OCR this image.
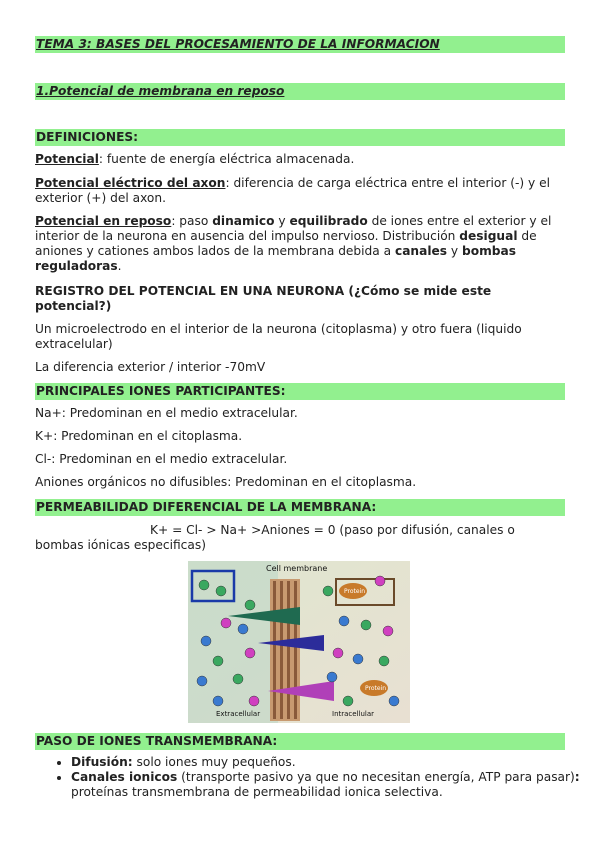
TEMA 3: BASES DEL PROCESAMIENTO DE LA INFORMACION
1.Potencial de membrana en reposo
DEFINICIONES:

Potencial: fuente de energía eléctrica almacenada.

Potencial eléctrico del axon: diferencia de carga eléctrica entre el interior (-) y el exterior (+) del axon.

Potencial en reposo: paso dinamico y equilibrado de iones entre el exterior y el interior de la neurona en ausencia del impulso nervioso. Distribución desigual de aniones y cationes ambos lados de la membrana debida a canales y bombas reguladoras.

REGISTRO DEL POTENCIAL EN UNA NEURONA (¿Cómo se mide este potencial?)

Un microelectrodo en el interior de la neurona (citoplasma) y otro fuera (liquido extracelular)

La diferencia exterior / interior -70mV

PRINCIPALES IONES PARTICIPANTES:

Na+: Predominan en el medio extracelular.

K+: Predominan en el citoplasma.

Cl-: Predominan en el medio extracelular.

Aniones orgánicos no difusibles: Predominan en el citoplasma.

PERMEABILIDAD DIFERENCIAL DE LA MEMBRANA:

K+ = Cl- > Na+ >Aniones = 0 (paso por difusión, canales o bombas iónicas especificas)

Cell membrane
Extracellular	Intracellular
Protein
Protein
PASO DE IONES TRANSMEMBRANA:
• Difusión: solo iones muy pequeños.
• Canales ionicos (transporte pasivo ya que no necesitan energía, ATP para pasar): proteínas transmembrana de permeabilidad ionica selectiva.
